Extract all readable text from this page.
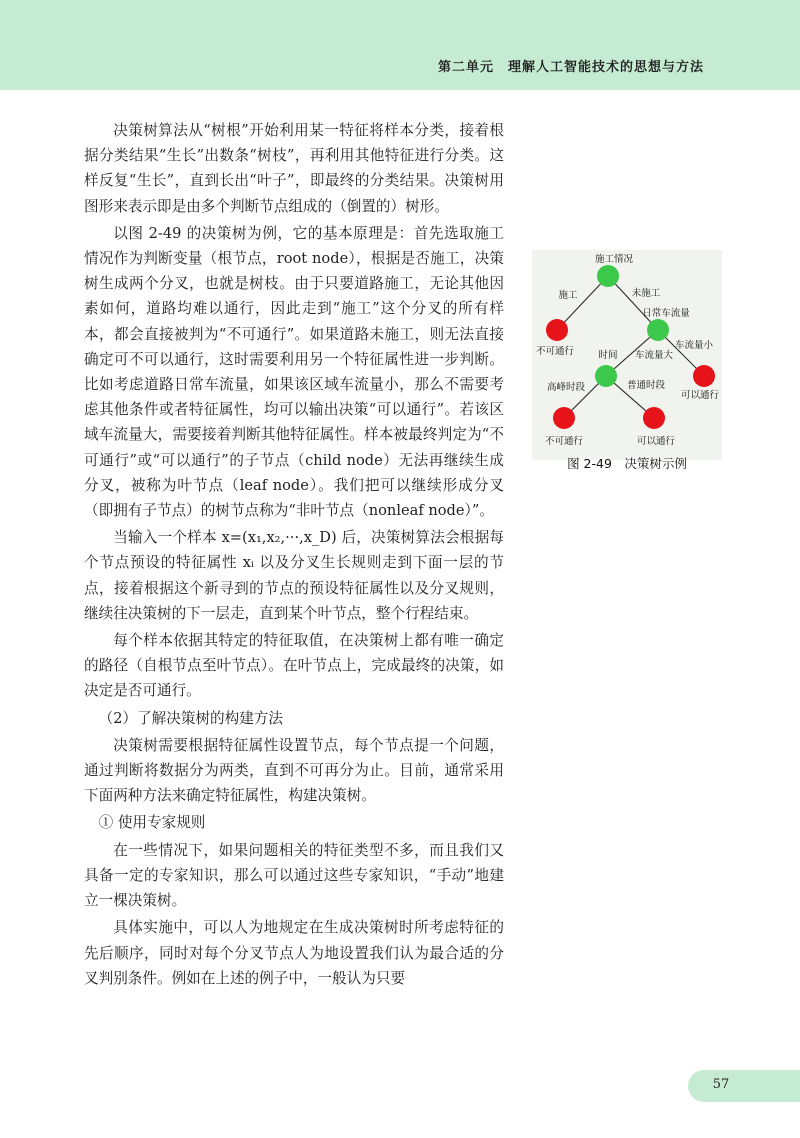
第二单元　理解人工智能技术的思想与方法

决策树算法从“树根”开始利用某一特征将样本分类，接着根据分类结果“生长”出数条“树枝”，再利用其他特征进行分类。这样反复“生长”，直到长出“叶子”，即最终的分类结果。决策树用图形来表示即是由多个判断节点组成的（倒置的）树形。

以图 2-49 的决策树为例，它的基本原理是：首先选取施工情况作为判断变量（根节点，root node），根据是否施工，决策树生成两个分叉，也就是树枝。由于只要道路施工，无论其他因素如何，道路均难以通行，因此走到“施工”这个分叉的所有样本，都会直接被判为“不可通行”。如果道路未施工，则无法直接确定可不可以通行，这时需要利用另一个特征属性进一步判断。比如考虑道路日常车流量，如果该区域车流量小，那么不需要考虑其他条件或者特征属性，均可以输出决策“可以通行”。若该区域车流量大，需要接着判断其他特征属性。样本被最终判定为“不可通行”或“可以通行”的子节点（child node）无法再继续生成分叉，被称为叶节点（leaf node）。我们把可以继续形成分叉（即拥有子节点）的树节点称为“非叶节点（nonleaf node）”。

当输入一个样本 x=(x₁,x₂,···,x_D) 后，决策树算法会根据每个节点预设的特征属性 xᵢ 以及分叉生长规则走到下面一层的节点，接着根据这个新寻到的节点的预设特征属性以及分叉规则，继续往决策树的下一层走，直到某个叶节点，整个行程结束。

每个样本依据其特定的特征取值，在决策树上都有唯一确定的路径（自根节点至叶节点）。在叶节点上，完成最终的决策，如决定是否可通行。

（2）了解决策树的构建方法

决策树需要根据特征属性设置节点，每个节点提一个问题，通过判断将数据分为两类，直到不可再分为止。目前，通常采用下面两种方法来确定特征属性，构建决策树。

① 使用专家规则

在一些情况下，如果问题相关的特征类型不多，而且我们又具备一定的专家知识，那么可以通过这些专家知识，“手动”地建立一棵决策树。

具体实施中，可以人为地规定在生成决策树时所考虑特征的先后顺序，同时对每个分叉节点人为地设置我们认为最合适的分叉判别条件。例如在上述的例子中，一般认为只要

施工情况
施工	未施工
日常车流量
不可通行
车流量小
时间 车流量大
可以通行
高峰时段	普通时段
不可通行	可以通行
图 2-49　决策树示例
57
